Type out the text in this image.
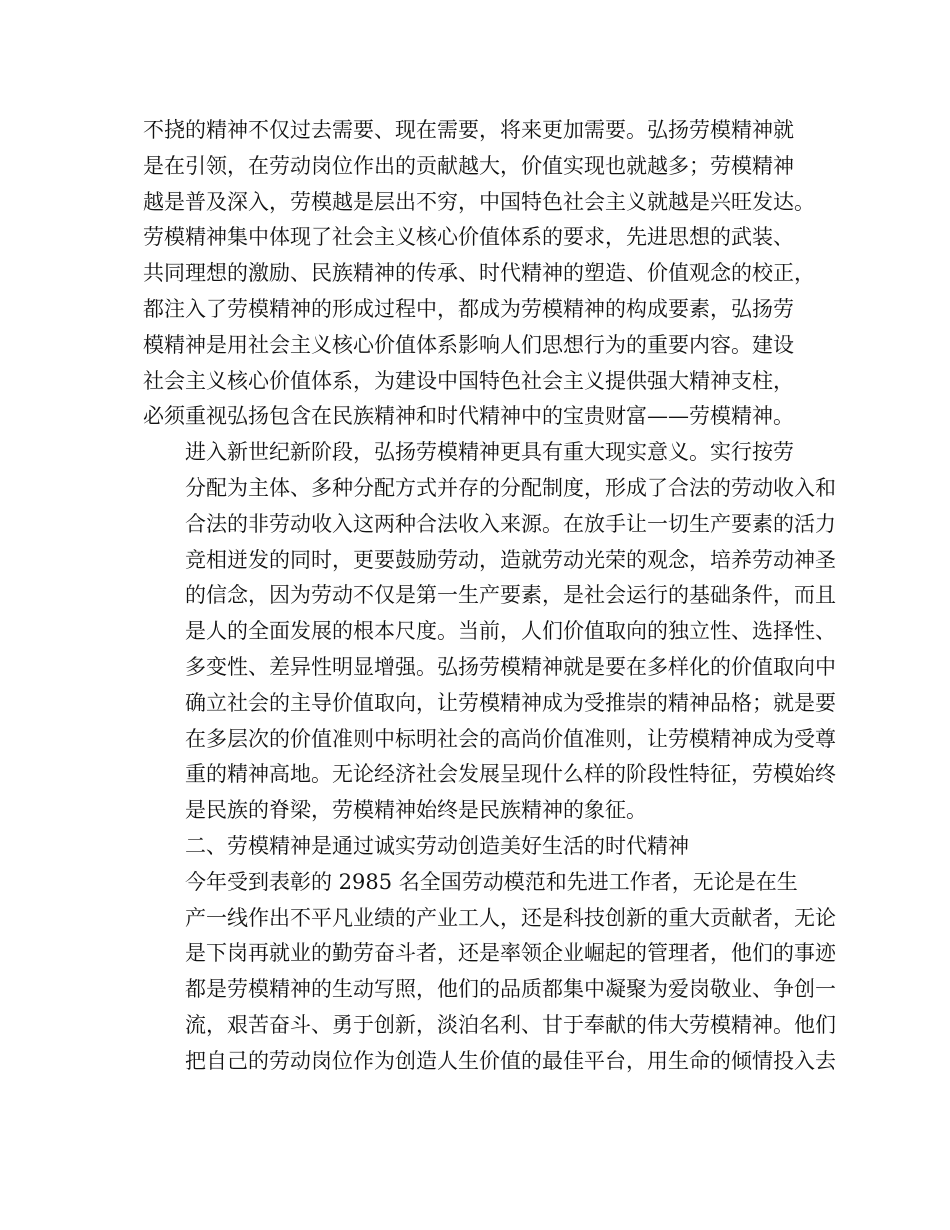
不挠的精神不仅过去需要、现在需要，将来更加需要。弘扬劳模精神就
是在引领，在劳动岗位作出的贡献越大，价值实现也就越多；劳模精神
越是普及深入，劳模越是层出不穷，中国特色社会主义就越是兴旺发达。
劳模精神集中体现了社会主义核心价值体系的要求，先进思想的武装、
共同理想的激励、民族精神的传承、时代精神的塑造、价值观念的校正，
都注入了劳模精神的形成过程中，都成为劳模精神的构成要素，弘扬劳
模精神是用社会主义核心价值体系影响人们思想行为的重要内容。建设
社会主义核心价值体系，为建设中国特色社会主义提供强大精神支柱，
必须重视弘扬包含在民族精神和时代精神中的宝贵财富——劳模精神。

进入新世纪新阶段，弘扬劳模精神更具有重大现实意义。实行按劳
分配为主体、多种分配方式并存的分配制度，形成了合法的劳动收入和
合法的非劳动收入这两种合法收入来源。在放手让一切生产要素的活力
竞相迸发的同时，更要鼓励劳动，造就劳动光荣的观念，培养劳动神圣
的信念，因为劳动不仅是第一生产要素，是社会运行的基础条件，而且
是人的全面发展的根本尺度。当前，人们价值取向的独立性、选择性、
多变性、差异性明显增强。弘扬劳模精神就是要在多样化的价值取向中
确立社会的主导价值取向，让劳模精神成为受推崇的精神品格；就是要
在多层次的价值准则中标明社会的高尚价值准则，让劳模精神成为受尊
重的精神高地。无论经济社会发展呈现什么样的阶段性特征，劳模始终
是民族的脊梁，劳模精神始终是民族精神的象征。

二、劳模精神是通过诚实劳动创造美好生活的时代精神

今年受到表彰的 2985 名全国劳动模范和先进工作者，无论是在生
产一线作出不平凡业绩的产业工人，还是科技创新的重大贡献者，无论
是下岗再就业的勤劳奋斗者，还是率领企业崛起的管理者，他们的事迹
都是劳模精神的生动写照，他们的品质都集中凝聚为爱岗敬业、争创一
流，艰苦奋斗、勇于创新，淡泊名利、甘于奉献的伟大劳模精神。他们
把自己的劳动岗位作为创造人生价值的最佳平台，用生命的倾情投入去
